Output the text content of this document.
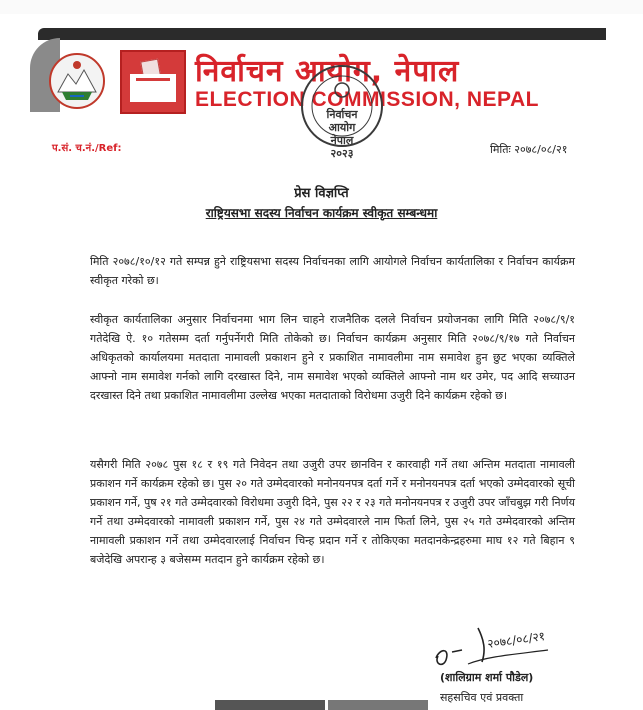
निर्वाचन आयोग, नेपाल
ELECTION COMMISSION, NEPAL
निर्वाचन आयोग
नेपाल
२०२३
प.सं. च.नं./Ref:	मितिः २०७८/०८/२१
प्रेस विज्ञप्ति
राष्ट्रियसभा सदस्य निर्वाचन कार्यक्रम स्वीकृत सम्बन्धमा
मिति २०७८/१०/१२ गते सम्पन्न हुने राष्ट्रियसभा सदस्य निर्वाचनका लागि आयोगले निर्वाचन कार्यतालिका र निर्वाचन कार्यक्रम स्वीकृत गरेको छ।
स्वीकृत कार्यतालिका अनुसार निर्वाचनमा भाग लिन चाहने राजनैतिक दलले निर्वाचन प्रयोजनका लागि मिति २०७८/९/१ गतेदेखि ऐ. १० गतेसम्म दर्ता गर्नुपर्नेगरी मिति तोकेको छ। निर्वाचन कार्यक्रम अनुसार मिति २०७८/९/१७ गते निर्वाचन अधिकृतको कार्यालयमा मतदाता नामावली प्रकाशन हुने र प्रकाशित नामावलीमा नाम समावेश हुन छुट भएका व्यक्तिले आफ्नो नाम समावेश गर्नको लागि दरखास्त दिने, नाम समावेश भएको व्यक्तिले आफ्नो नाम थर उमेर, पद आदि सच्याउन दरखास्त दिने तथा प्रकाशित नामावलीमा उल्लेख भएका मतदाताको विरोधमा उजुरी दिने कार्यक्रम रहेको छ।
यसैगरी मिति २०७८ पुस १८ र १९ गते निवेदन तथा उजुरी उपर छानविन र कारवाही गर्ने तथा अन्तिम मतदाता नामावली प्रकाशन गर्ने कार्यक्रम रहेको छ। पुस २० गते उम्मेदवारको मनोनयनपत्र दर्ता गर्ने र मनोनयनपत्र दर्ता भएको उम्मेदवारको सूची प्रकाशन गर्ने, पुष २१ गते उम्मेदवारको विरोधमा उजुरी दिने, पुस २२ र २३ गते मनोनयनपत्र र उजुरी उपर जाँचबुझ गरी निर्णय गर्ने तथा उम्मेदवारको नामावली प्रकाशन गर्ने, पुस २४ गते उम्मेदवारले नाम फिर्ता लिने, पुस २५ गते उम्मेदवारको अन्तिम नामावली प्रकाशन गर्ने तथा उम्मेदवारलाई निर्वाचन चिन्ह प्रदान गर्ने र तोकिएका मतदानकेन्द्रहरुमा माघ १२ गते बिहान ९ बजेदेखि अपरान्ह ३ बजेसम्म मतदान हुने कार्यक्रम रहेको छ।
२०७८/०८/२१
(शालिग्राम शर्मा पौडेल)
सहसचिव एवं प्रवक्ता
